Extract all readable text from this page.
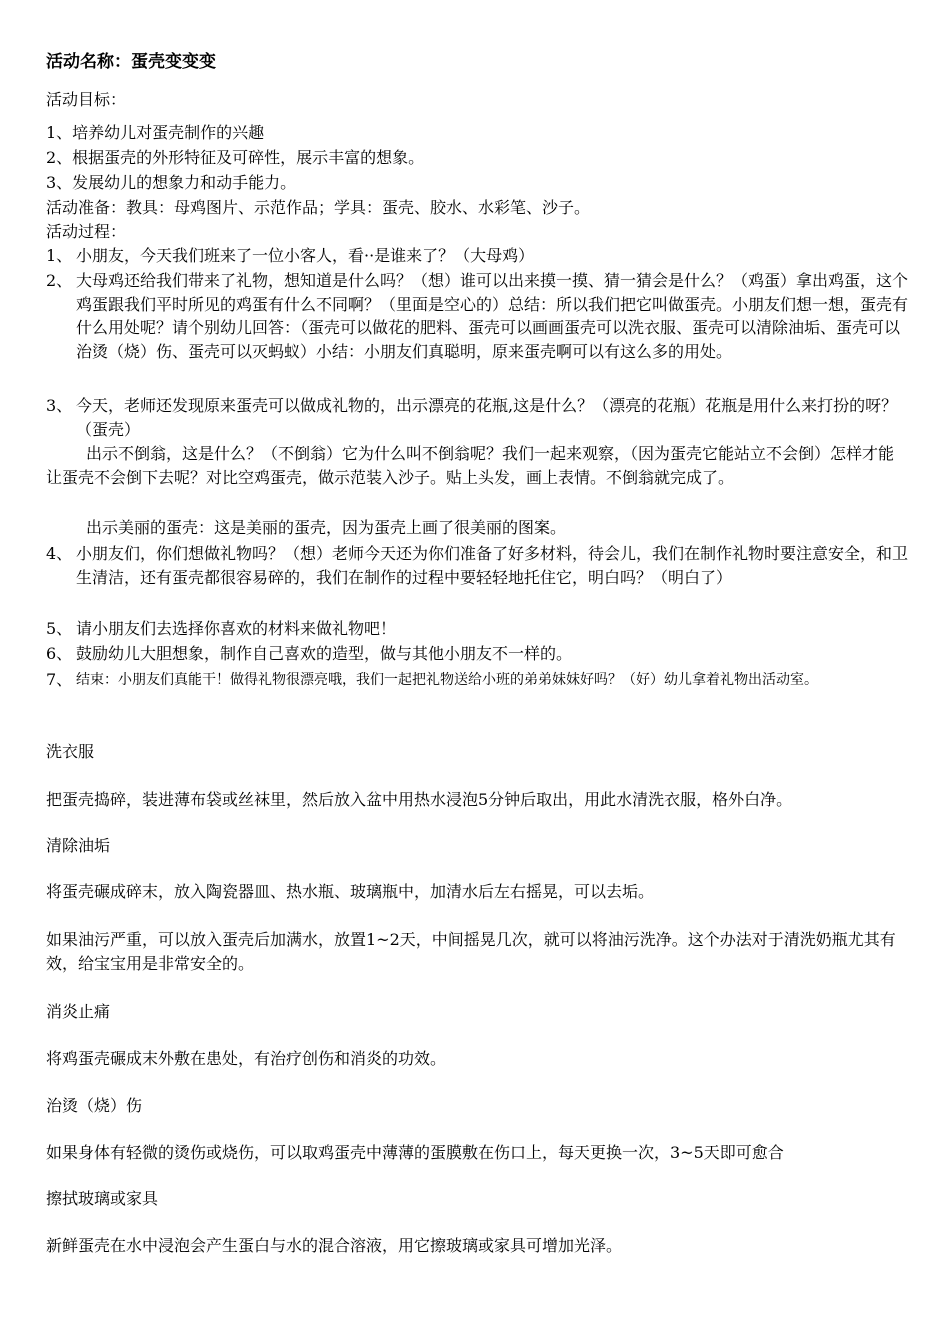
活动名称：蛋壳变变变
活动目标：
1、培养幼儿对蛋壳制作的兴趣
2、根据蛋壳的外形特征及可碎性，展示丰富的想象。
3、发展幼儿的想象力和动手能力。
活动准备：教具：母鸡图片、示范作品；学具：蛋壳、胶水、水彩笔、沙子。
活动过程：
1、 小朋友，今天我们班来了一位小客人，看··是谁来了？（大母鸡）
2、 大母鸡还给我们带来了礼物，想知道是什么吗？（想）谁可以出来摸一摸、猜一猜会是什么？（鸡蛋）拿出鸡蛋，这个鸡蛋跟我们平时所见的鸡蛋有什么不同啊？（里面是空心的）总结：所以我们把它叫做蛋壳。小朋友们想一想，蛋壳有什么用处呢？请个别幼儿回答：（蛋壳可以做花的肥料、蛋壳可以画画蛋壳可以洗衣服、蛋壳可以清除油垢、蛋壳可以治烫（烧）伤、蛋壳可以灭蚂蚁）小结：小朋友们真聪明，原来蛋壳啊可以有这么多的用处。
3、 今天，老师还发现原来蛋壳可以做成礼物的，出示漂亮的花瓶,这是什么？（漂亮的花瓶）花瓶是用什么来打扮的呀？（蛋壳）
出示不倒翁，这是什么？（不倒翁）它为什么叫不倒翁呢？我们一起来观察，（因为蛋壳它能站立不会倒）怎样才能让蛋壳不会倒下去呢？对比空鸡蛋壳，做示范装入沙子。贴上头发，画上表情。不倒翁就完成了。
出示美丽的蛋壳：这是美丽的蛋壳，因为蛋壳上画了很美丽的图案。
4、 小朋友们，你们想做礼物吗？（想）老师今天还为你们准备了好多材料，待会儿，我们在制作礼物时要注意安全，和卫生清洁，还有蛋壳都很容易碎的，我们在制作的过程中要轻轻地托住它，明白吗？（明白了）
5、 请小朋友们去选择你喜欢的材料来做礼物吧！
6、 鼓励幼儿大胆想象，制作自己喜欢的造型，做与其他小朋友不一样的。
7、 结束：小朋友们真能干！做得礼物很漂亮哦，我们一起把礼物送给小班的弟弟妹妹好吗？（好）幼儿拿着礼物出活动室。
洗衣服
把蛋壳捣碎，装进薄布袋或丝袜里，然后放入盆中用热水浸泡5分钟后取出，用此水清洗衣服，格外白净。
清除油垢
将蛋壳碾成碎末，放入陶瓷器皿、热水瓶、玻璃瓶中，加清水后左右摇晃，可以去垢。
如果油污严重，可以放入蛋壳后加满水，放置1~2天，中间摇晃几次，就可以将油污洗净。这个办法对于清洗奶瓶尤其有效，给宝宝用是非常安全的。
消炎止痛
将鸡蛋壳碾成末外敷在患处，有治疗创伤和消炎的功效。
治烫（烧）伤
如果身体有轻微的烫伤或烧伤，可以取鸡蛋壳中薄薄的蛋膜敷在伤口上，每天更换一次，3~5天即可愈合
擦拭玻璃或家具
新鲜蛋壳在水中浸泡会产生蛋白与水的混合溶液，用它擦玻璃或家具可增加光泽。
